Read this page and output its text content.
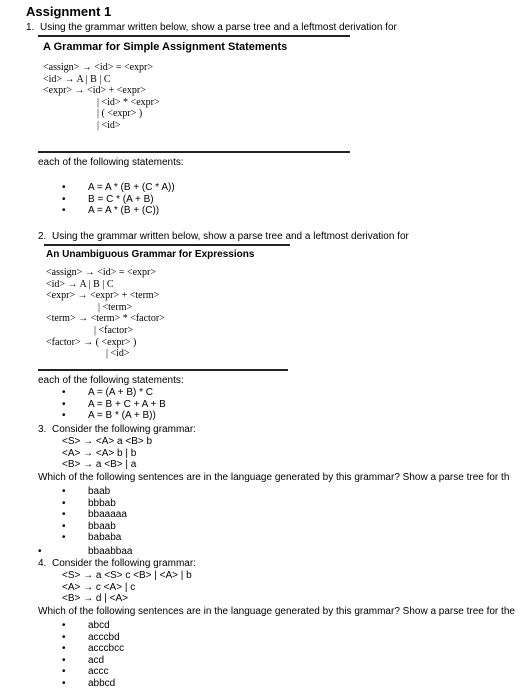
Assignment 1
1. Using the grammar written below, show a parse tree and a leftmost derivation for
A Grammar for Simple Assignment Statements
<assign> → <id> = <expr>
<id> → A | B | C
<expr> → <id> + <expr>
| <id> * <expr>
| ( <expr> )
| <id>
each of the following statements:
• A = A * (B + (C * A))
• B = C * (A + B)
• A = A * (B + (C))
2. Using the grammar written below, show a parse tree and a leftmost derivation for
An Unambiguous Grammar for Expressions
<assign> → <id> = <expr>
<id> → A | B | C
<expr> → <expr> + <term>
| <term>
<term> → <term> * <factor>
| <factor>
<factor> → ( <expr> )
| <id>
each of the following statements:
• A = (A + B) * C
• A = B + C + A + B
• A = B * (A + B))
3. Consider the following grammar:
<S> → <A> a <B> b
<A> → <A> b | b
<B> → a <B> | a
Which of the following sentences are in the language generated by this grammar? Show a parse tree for th
• baab
• bbbab
• bbaaaaa
• bbaab
• bababa
• bbaabbaa
4. Consider the following grammar:
<S> → a <S> c <B> | <A> | b
<A> → c <A> | c
<B> → d | <A>
Which of the following sentences are in the language generated by this grammar? Show a parse tree for the
• abcd
• acccbd
• acccbcc
• acd
• accc
• abbcd
